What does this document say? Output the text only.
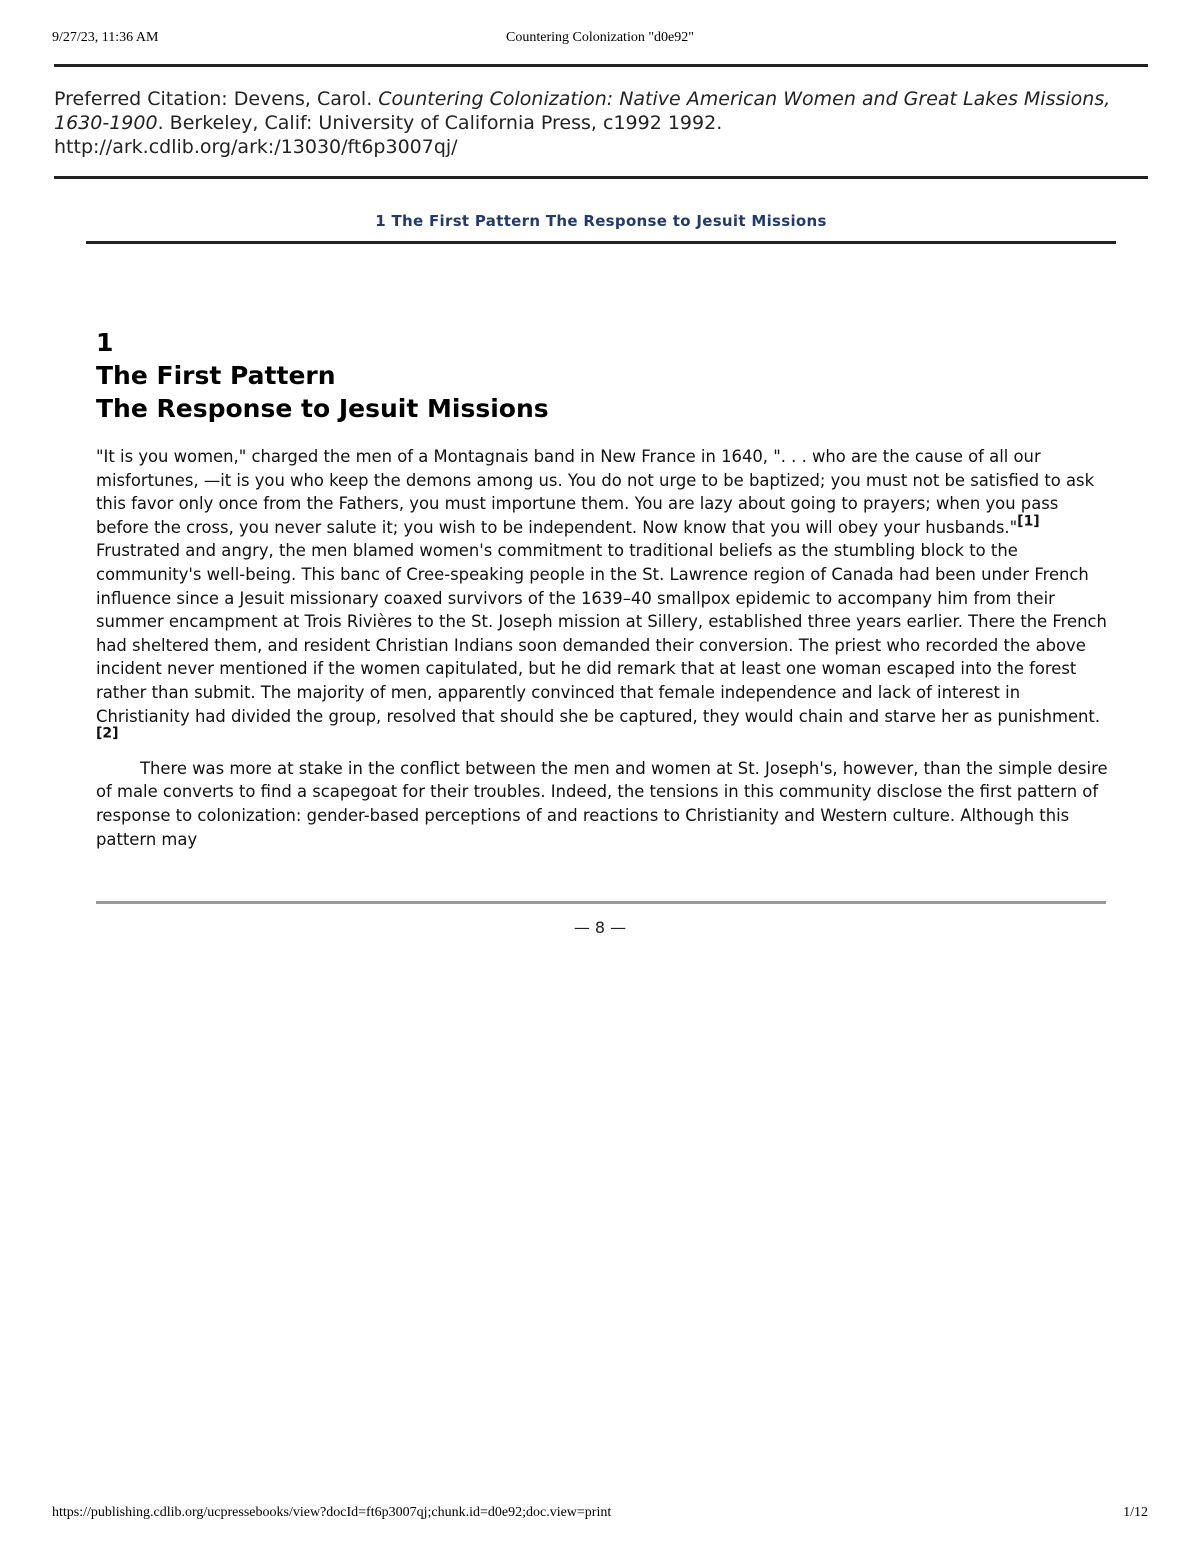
9/27/23, 11:36 AM	Countering Colonization "d0e92"
Preferred Citation: Devens, Carol. Countering Colonization: Native American Women and Great Lakes Missions, 1630-1900. Berkeley, Calif: University of California Press, c1992 1992.
http://ark.cdlib.org/ark:/13030/ft6p3007qj/
1 The First Pattern The Response to Jesuit Missions
1
The First Pattern
The Response to Jesuit Missions

"It is you women," charged the men of a Montagnais band in New France in 1640, ". . . who are the cause of all our misfortunes, —it is you who keep the demons among us. You do not urge to be baptized; you must not be satisfied to ask this favor only once from the Fathers, you must importune them. You are lazy about going to prayers; when you pass before the cross, you never salute it; you wish to be independent. Now know that you will obey your husbands."[1] Frustrated and angry, the men blamed women's commitment to traditional beliefs as the stumbling block to the community's well-being. This banc of Cree-speaking people in the St. Lawrence region of Canada had been under French influence since a Jesuit missionary coaxed survivors of the 1639–40 smallpox epidemic to accompany him from their summer encampment at Trois Rivières to the St. Joseph mission at Sillery, established three years earlier. There the French had sheltered them, and resident Christian Indians soon demanded their conversion. The priest who recorded the above incident never mentioned if the women capitulated, but he did remark that at least one woman escaped into the forest rather than submit. The majority of men, apparently convinced that female independence and lack of interest in Christianity had divided the group, resolved that should she be captured, they would chain and starve her as punishment.[2]

There was more at stake in the conflict between the men and women at St. Joseph's, however, than the simple desire of male converts to find a scapegoat for their troubles. Indeed, the tensions in this community disclose the first pattern of response to colonization: gender-based perceptions of and reactions to Christianity and Western culture. Although this pattern may

— 8 —
https://publishing.cdlib.org/ucpressebooks/view?docId=ft6p3007qj;chunk.id=d0e92;doc.view=print	1/12
